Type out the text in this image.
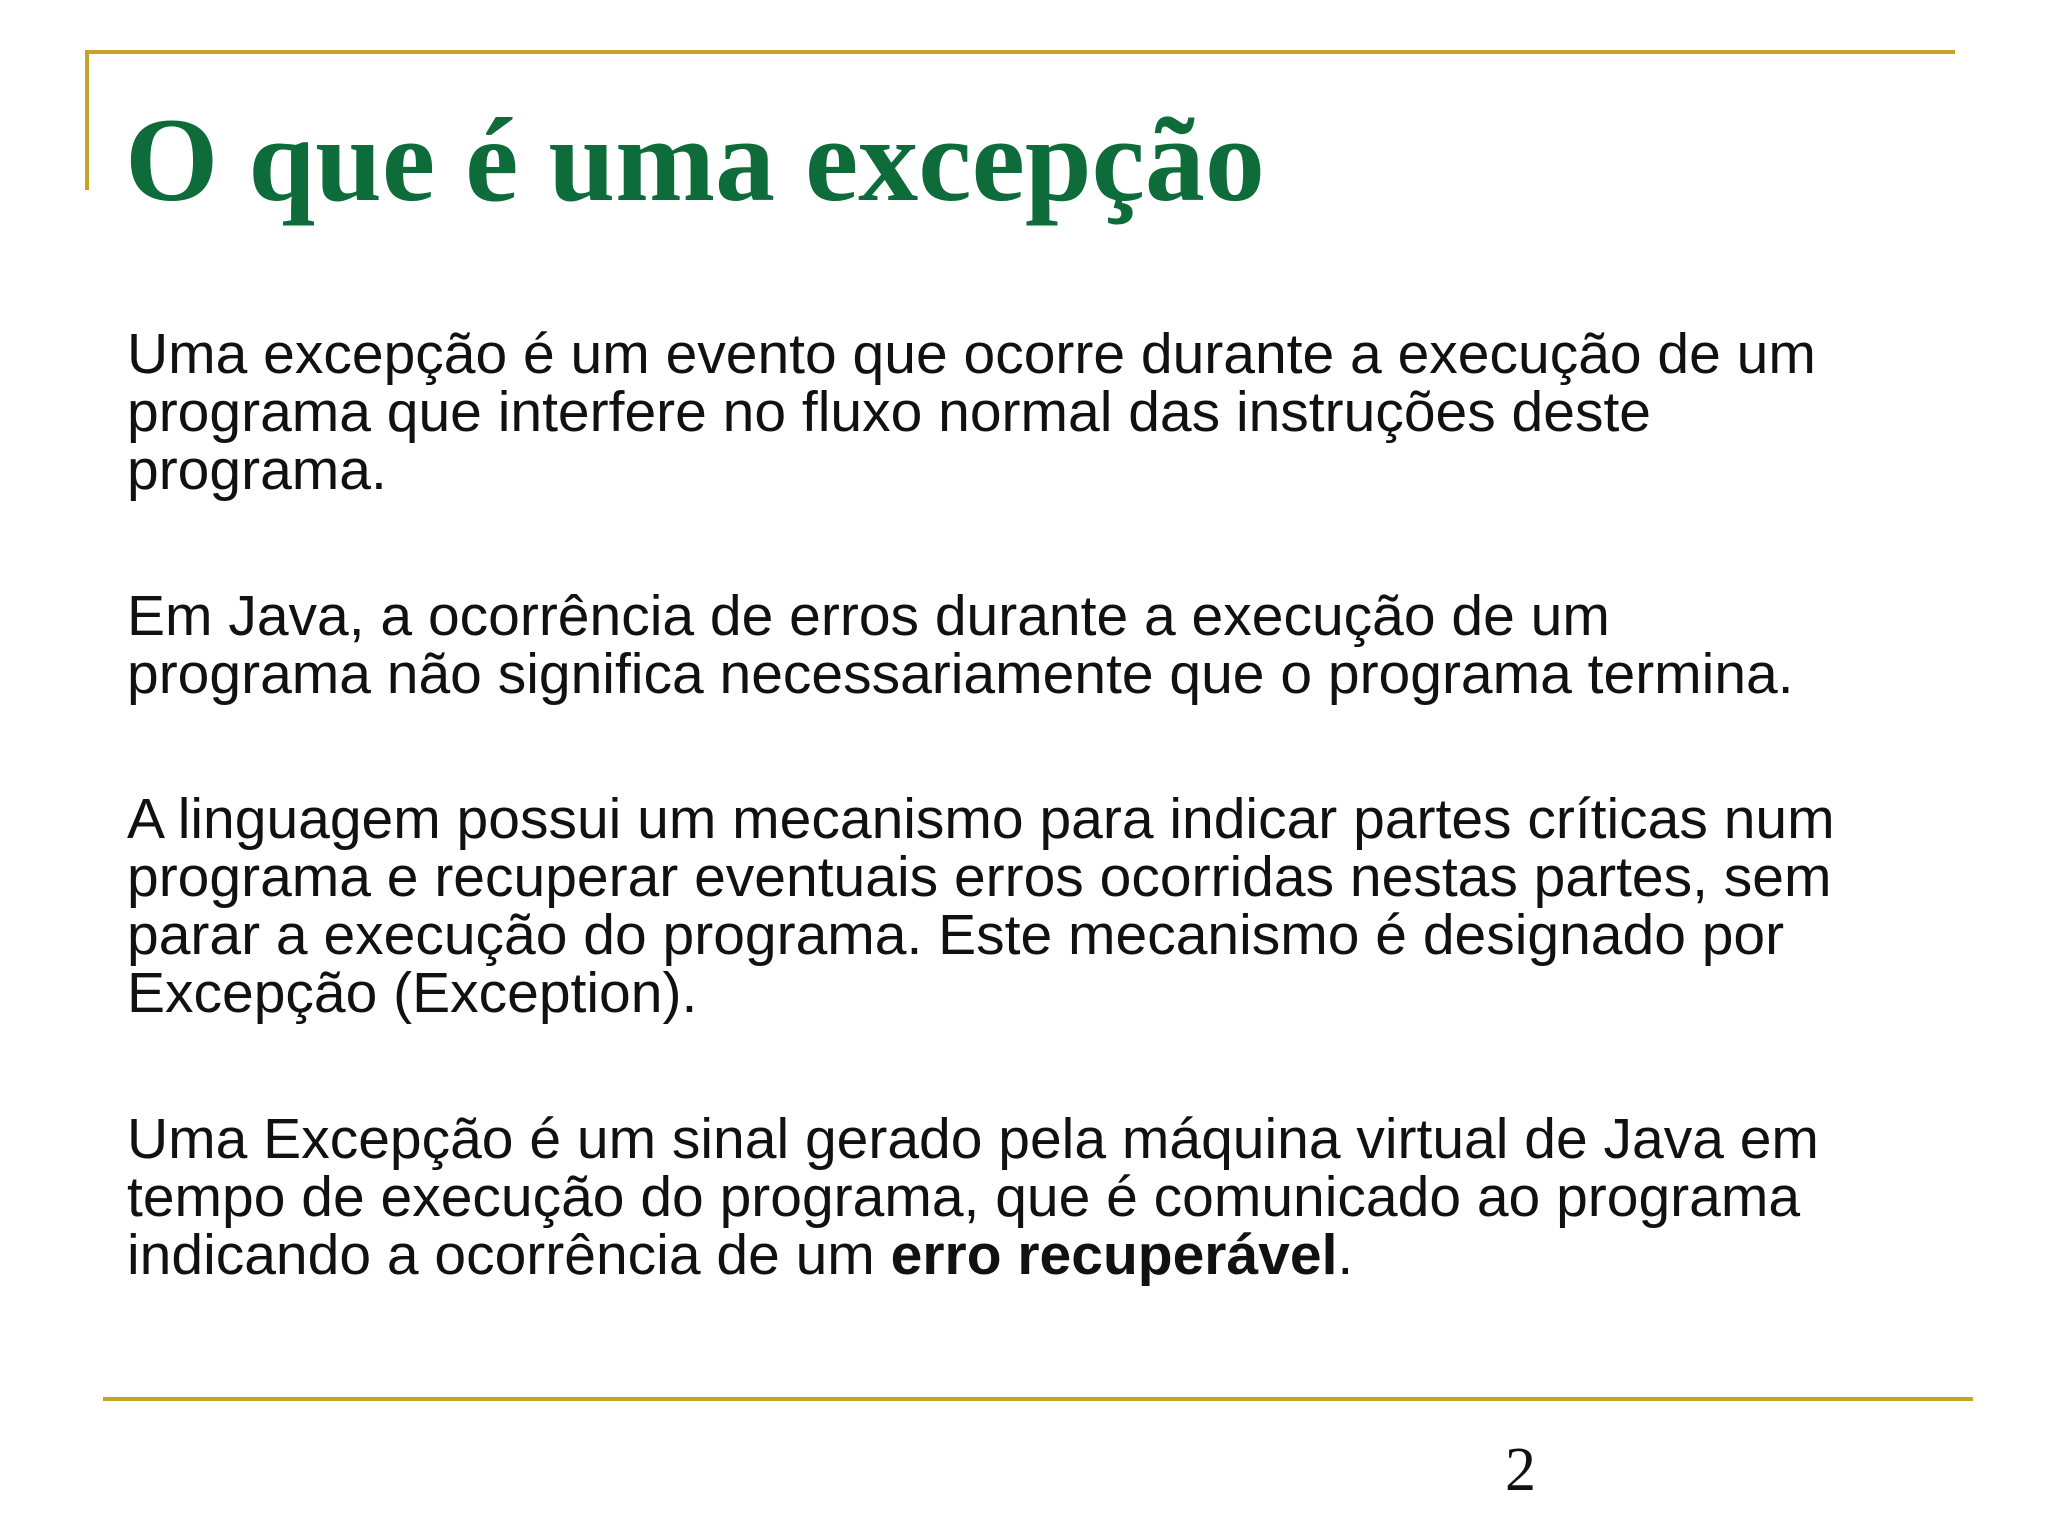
O que é uma excepção

Uma excepção é um evento que ocorre durante a execução de um
programa que interfere no fluxo normal das instruções deste
programa.

Em Java, a ocorrência de erros durante a execução de um
programa não significa necessariamente que o programa termina.

A linguagem possui um mecanismo para indicar partes críticas num
programa e recuperar eventuais erros ocorridas nestas partes, sem
parar a execução do programa. Este mecanismo é designado por
Excepção (Exception).

Uma Excepção é um sinal gerado pela máquina virtual de Java em
tempo de execução do programa, que é comunicado ao programa
indicando a ocorrência de um erro recuperável.

2
